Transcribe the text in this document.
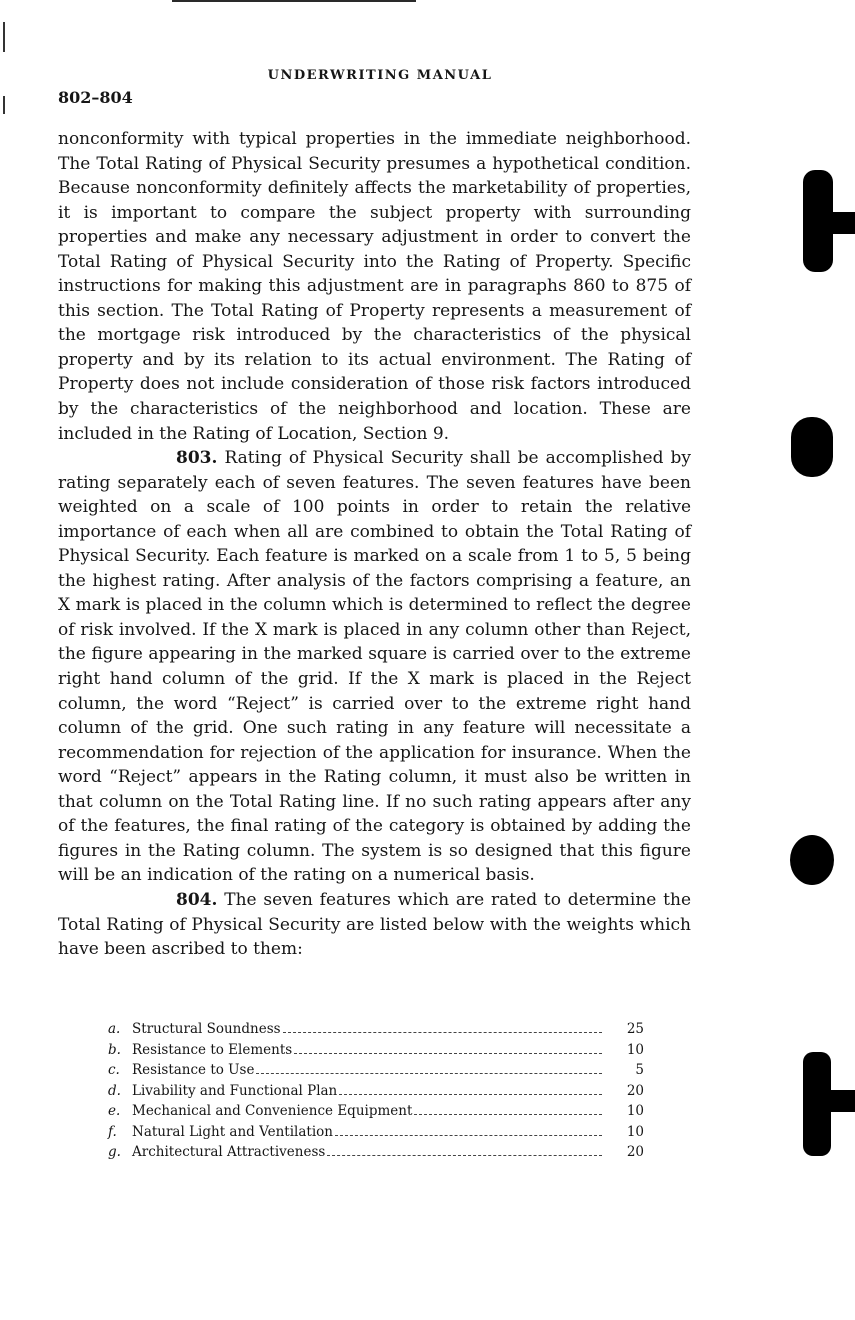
UNDERWRITING MANUAL
802–804

nonconformity with typical properties in the immediate neighborhood. The Total Rating of Physical Security presumes a hypothetical condition. Because nonconformity definitely affects the marketability of properties, it is important to compare the subject property with surrounding properties and make any necessary adjustment in order to convert the Total Rating of Physical Security into the Rating of Property. Specific instructions for making this adjustment are in paragraphs 860 to 875 of this section. The Total Rating of Property represents a measurement of the mortgage risk introduced by the characteristics of the physical property and by its relation to its actual environment. The Rating of Property does not include consideration of those risk factors introduced by the characteristics of the neighborhood and location. These are included in the Rating of Location, Section 9.

803. Rating of Physical Security shall be accomplished by rating separately each of seven features. The seven features have been weighted on a scale of 100 points in order to retain the relative importance of each when all are combined to obtain the Total Rating of Physical Security. Each feature is marked on a scale from 1 to 5, 5 being the highest rating. After analysis of the factors comprising a feature, an X mark is placed in the column which is determined to reflect the degree of risk involved. If the X mark is placed in any column other than Reject, the figure appearing in the marked square is carried over to the extreme right hand column of the grid. If the X mark is placed in the Reject column, the word “Reject” is carried over to the extreme right hand column of the grid. One such rating in any feature will necessitate a recommendation for rejection of the application for insurance. When the word “Reject” appears in the Rating column, it must also be written in that column on the Total Rating line. If no such rating appears after any of the features, the final rating of the category is obtained by adding the figures in the Rating column. The system is so designed that this figure will be an indication of the rating on a numerical basis.

804. The seven features which are rated to determine the Total Rating of Physical Security are listed below with the weights which have been ascribed to them:

a. Structural Soundness	25
b. Resistance to Elements	10
c. Resistance to Use	5
d. Livability and Functional Plan	20
e. Mechanical and Convenience Equipment	10
f.	Natural Light and Ventilation	10
g. Architectural Attractiveness	20
